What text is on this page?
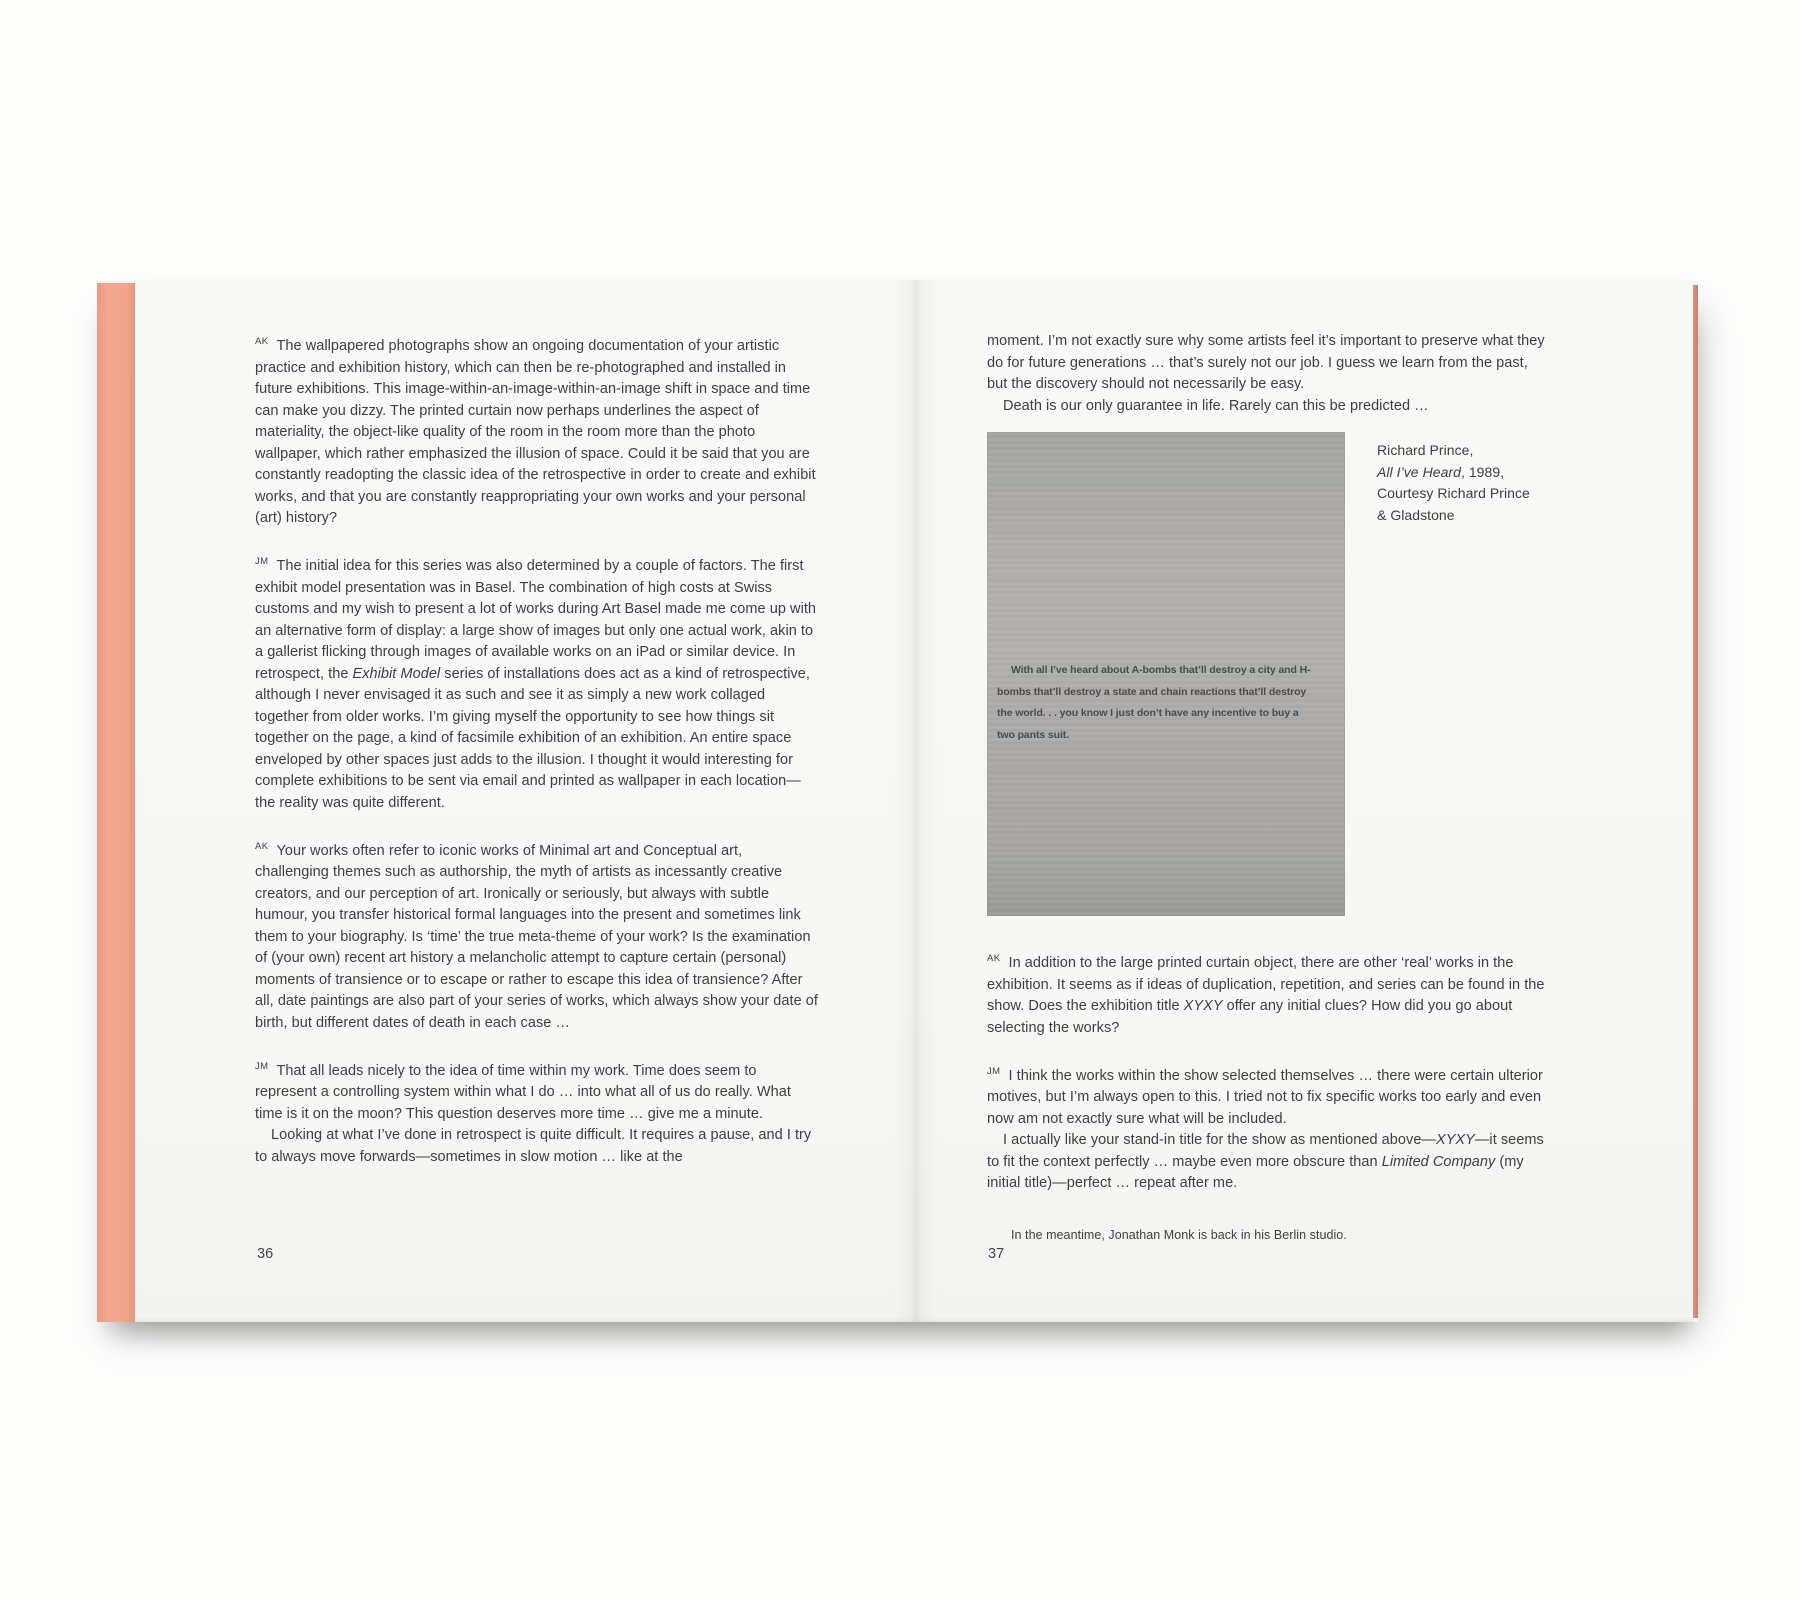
$^{AK}$ The wallpapered photographs show an ongoing documentation of your artistic practice and exhibition history, which can then be re-photographed and installed in future exhibitions. This image-within-an-image-within-an-image shift in space and time can make you dizzy. The printed curtain now perhaps underlines the aspect of materiality, the object-like quality of the room in the room more than the photo wallpaper, which rather emphasized the illusion of space. Could it be said that you are constantly readopting the classic idea of the retrospective in order to create and exhibit works, and that you are constantly reappropriating your own works and your personal (art) history?

$^{JM}$ The initial idea for this series was also determined by a couple of factors. The first exhibit model presentation was in Basel. The combination of high costs at Swiss customs and my wish to present a lot of works during Art Basel made me come up with an alternative form of display: a large show of images but only one actual work, akin to a gallerist flicking through images of available works on an iPad or similar device. In retrospect, the Exhibit Model series of installations does act as a kind of retrospective, although I never envisaged it as such and see it as simply a new work collaged together from older works. I’m giving myself the opportunity to see how things sit together on the page, a kind of facsimile exhibition of an exhibition. An entire space enveloped by other spaces just adds to the illusion. I thought it would interesting for complete exhibitions to be sent via email and printed as wallpaper in each location—the reality was quite different.

$^{AK}$ Your works often refer to iconic works of Minimal art and Conceptual art, challenging themes such as authorship, the myth of artists as incessantly creative creators, and our perception of art. Ironically or seriously, but always with subtle humour, you transfer historical formal languages into the present and sometimes link them to your biography. Is ‘time’ the true meta-theme of your work? Is the examination of (your own) recent art history a melancholic attempt to capture certain (personal) moments of transience or to escape or rather to escape this idea of transience? After all, date paintings are also part of your series of works, which always show your date of birth, but different dates of death in each case …

$^{JM}$ That all leads nicely to the idea of time within my work. Time does seem to represent a controlling system within what I do … into what all of us do really. What time is it on the moon? This question deserves more time … give me a minute.

Looking at what I’ve done in retrospect is quite difficult. It requires a pause, and I try to always move forwards—sometimes in slow motion … like at the

36

moment. I’m not exactly sure why some artists feel it’s important to preserve what they do for future generations … that’s surely not our job. I guess we learn from the past, but the discovery should not necessarily be easy.

Death is our only guarantee in life. Rarely can this be predicted …

With all I’ve heard about A-bombs that’ll destroy a city and H-
bombs that’ll destroy a state and chain reactions that’ll destroy
the world. . . you know I just don’t have any incentive to buy a
two pants suit.
Richard Prince,
All I’ve Heard, 1989,
Courtesy Richard Prince
& Gladstone

$^{AK}$ In addition to the large printed curtain object, there are other ‘real’ works in the exhibition. It seems as if ideas of duplication, repetition, and series can be found in the show. Does the exhibition title XYXY offer any initial clues? How did you go about selecting the works?

$^{JM}$ I think the works within the show selected themselves … there were certain ulterior motives, but I’m always open to this. I tried not to fix specific works too early and even now am not exactly sure what will be included.

I actually like your stand-in title for the show as mentioned above—XYXY—it seems to fit the context perfectly … maybe even more obscure than Limited Company (my initial title)—perfect … repeat after me.

In the meantime, Jonathan Monk is back in his Berlin studio.
37
